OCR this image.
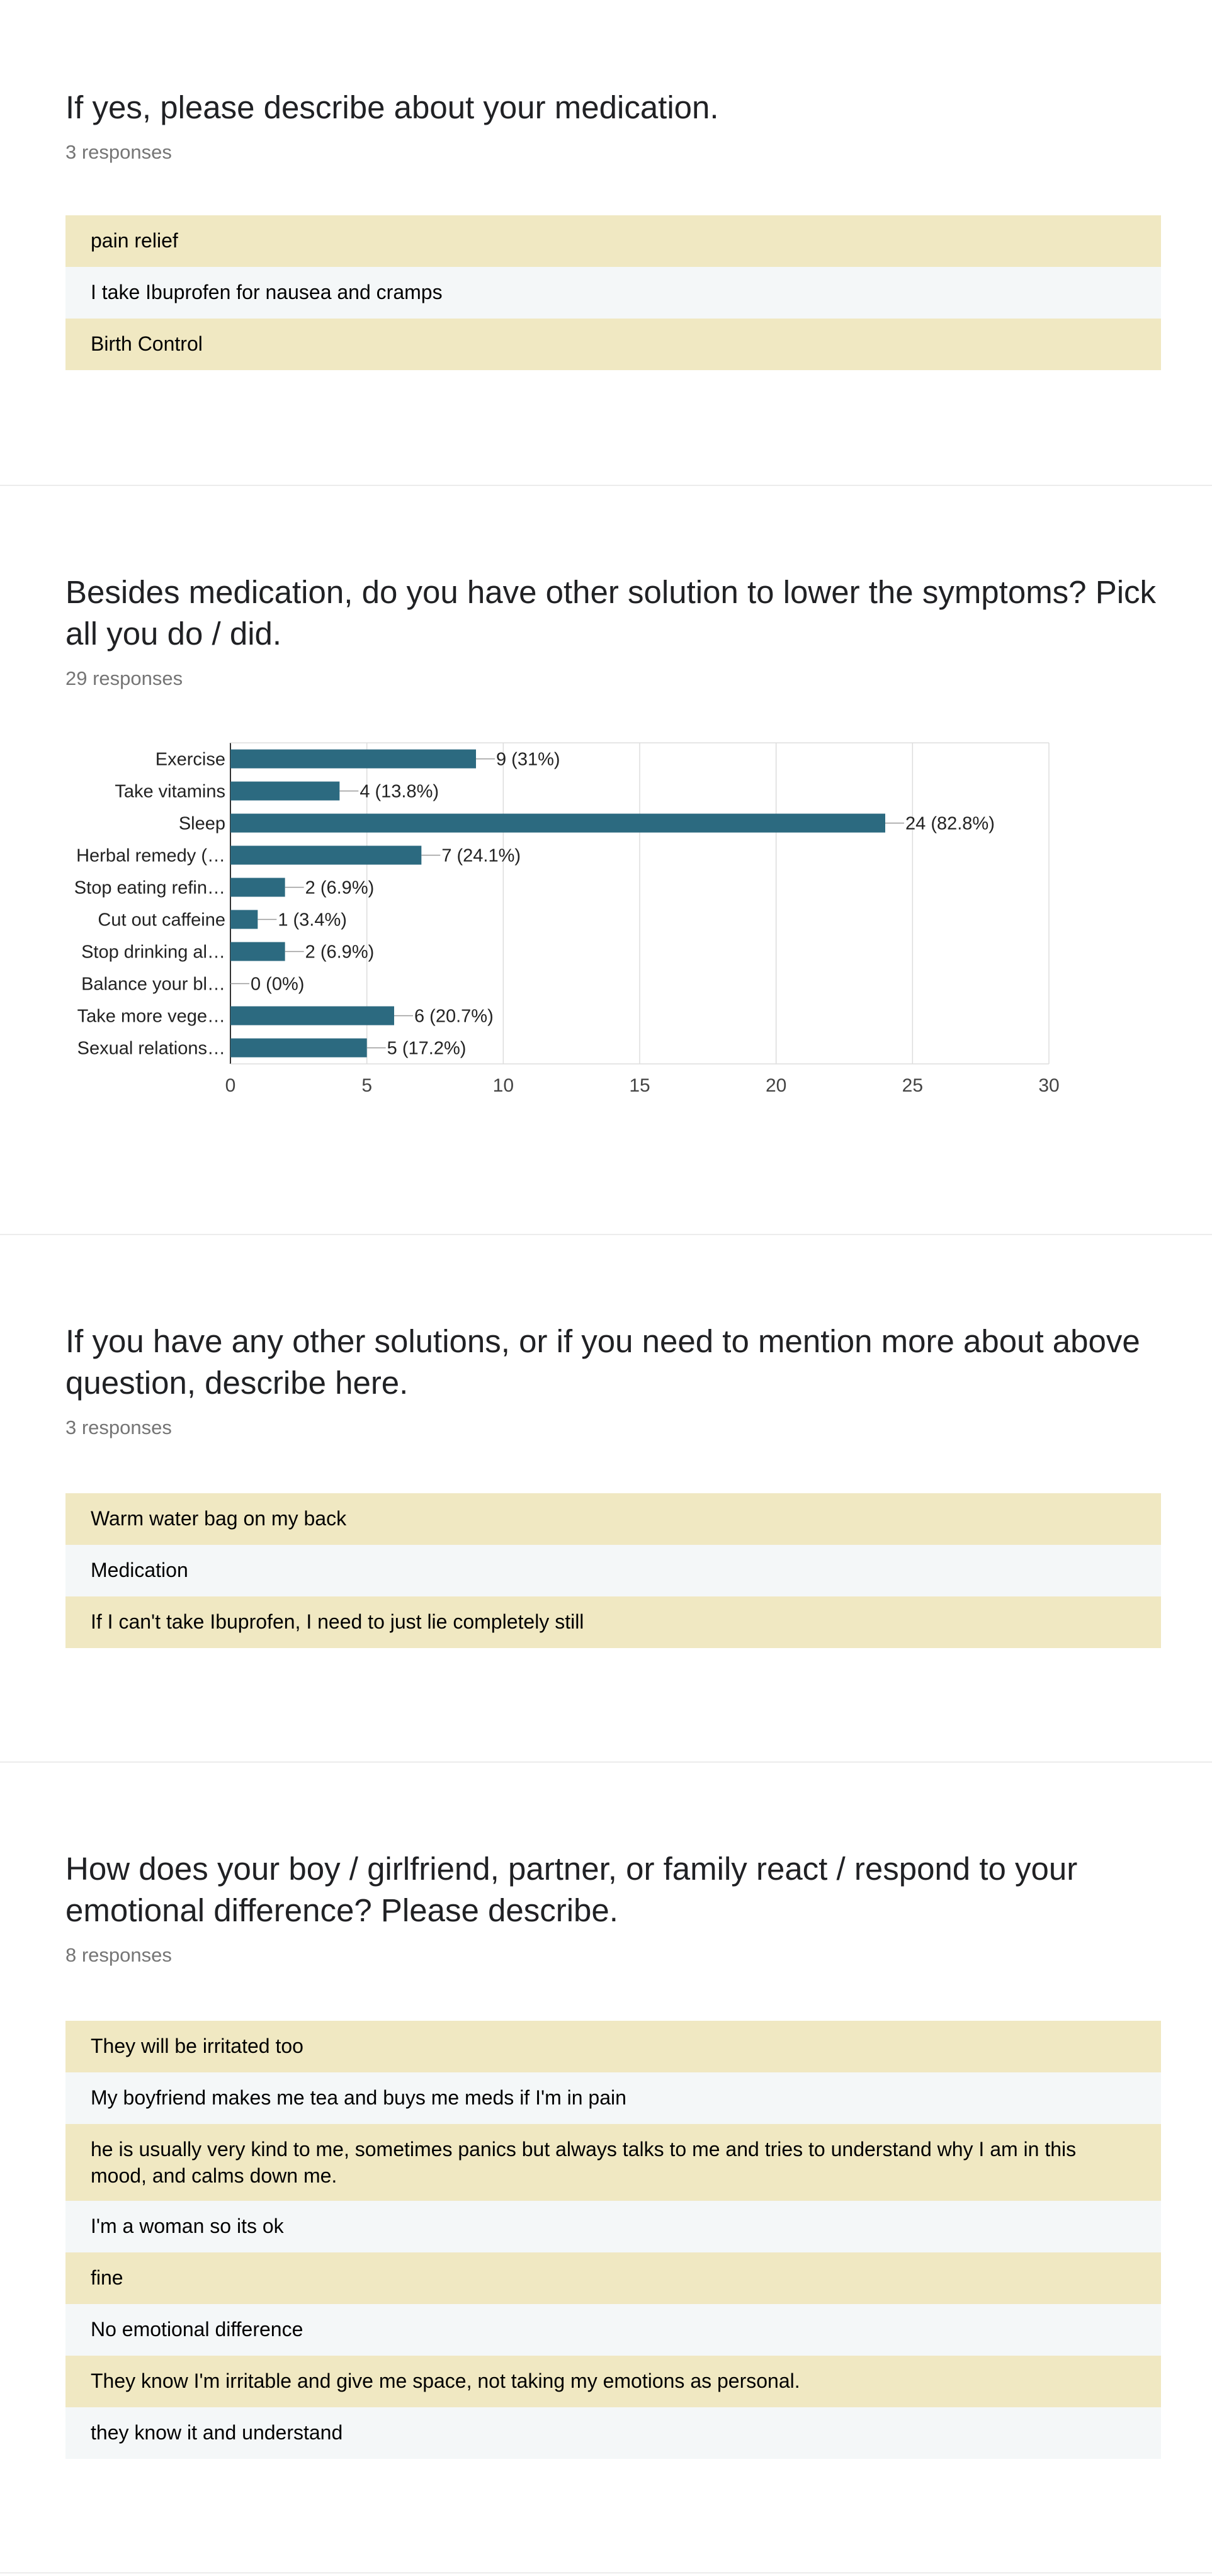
If yes, please describe about your medication.
3 responses
pain relief
I take Ibuprofen for nausea and cramps
Birth Control
Besides medication, do you have other solution to lower the symptoms? Pick all you do / did.
29 responses
0	5	10	15	20	25	30
Exercise	9 (31%)
Take vitamins	4 (13.8%)
Sleep	24 (82.8%)
Herbal remedy (…	7 (24.1%)
Stop eating refin…	2 (6.9%)
Cut out caffeine	1 (3.4%)
Stop drinking al…	2 (6.9%)
Balance your bl… 0 (0%)
Take more vege…	6 (20.7%)
Sexual relations…	5 (17.2%)
If you have any other solutions, or if you need to mention more about above question, describe here.
3 responses
Warm water bag on my back
Medication
If I can't take Ibuprofen, I need to just lie completely still
How does your boy / girlfriend, partner, or family react / respond to your emotional difference? Please describe.
8 responses
They will be irritated too
My boyfriend makes me tea and buys me meds if I'm in pain
he is usually very kind to me, sometimes panics but always talks to me and tries to understand why I am in this mood, and calms down me.
I'm a woman so its ok
fine
No emotional difference
They know I'm irritable and give me space, not taking my emotions as personal.
they know it and understand
